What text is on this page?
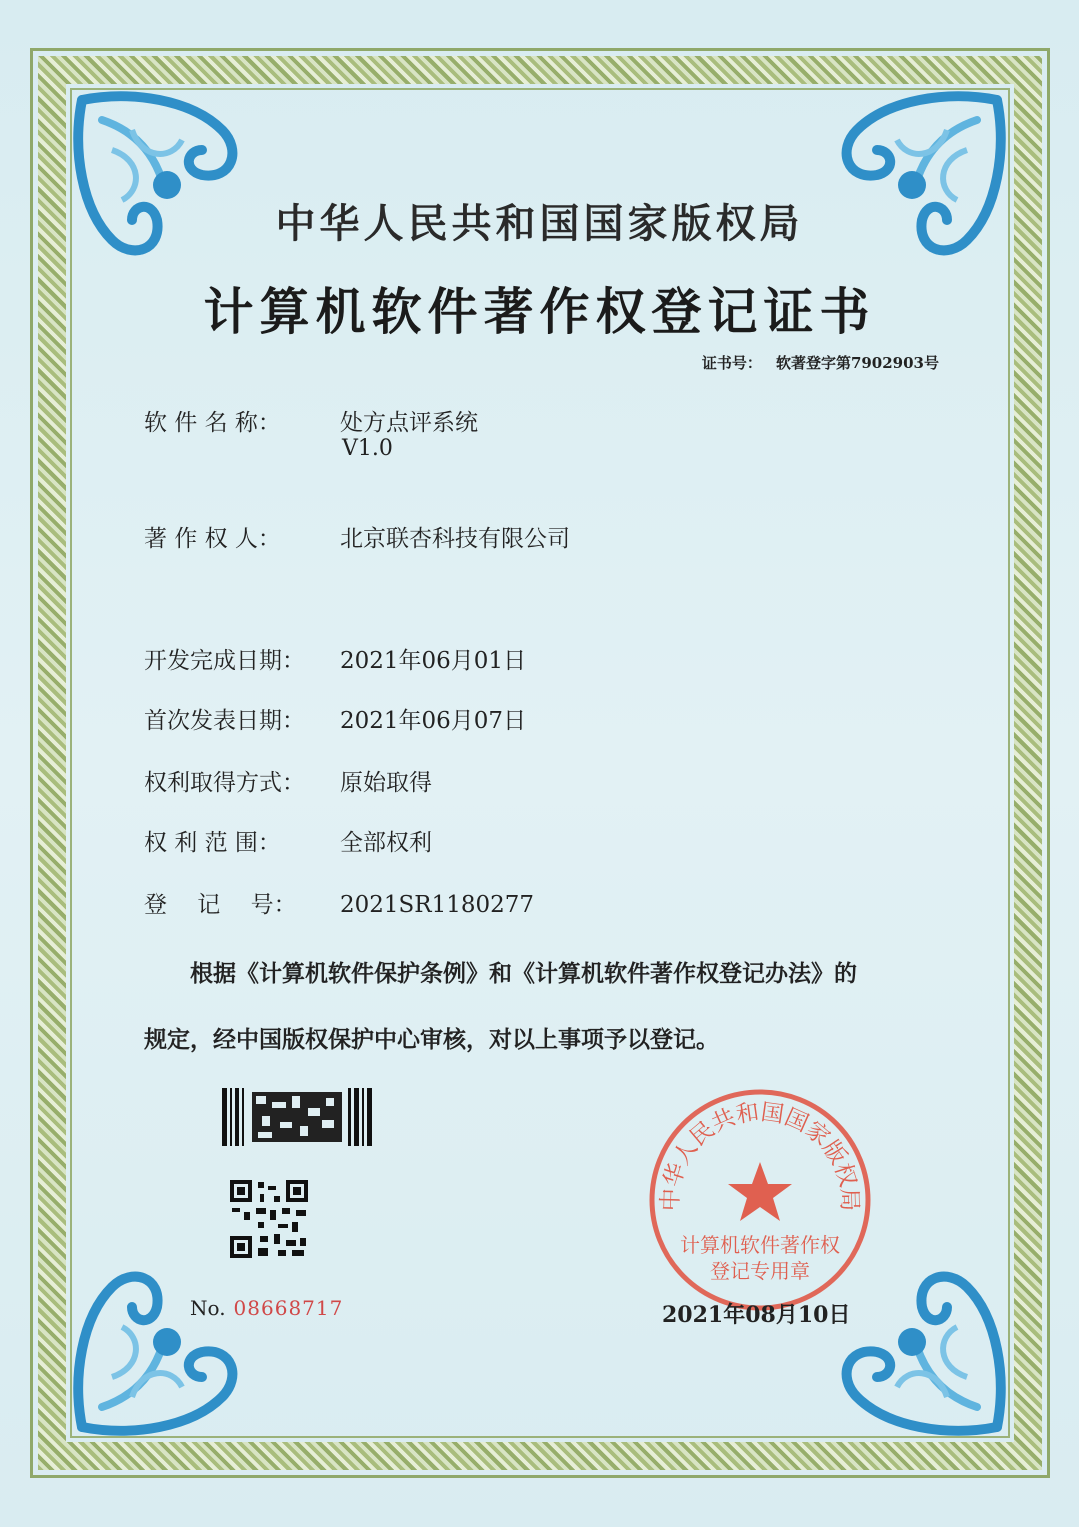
中华人民共和国国家版权局
计算机软件著作权登记证书
证书号： 软著登字第7902903号
软 件 名 称：	处方点评系统
V1.0
著 作 权 人：	北京联杏科技有限公司
开发完成日期： 2021年06月01日
首次发表日期： 2021年06月07日
权利取得方式： 原始取得
权 利 范 围：	全部权利
登　 记　 号： 2021SR1180277
根据《计算机软件保护条例》和《计算机软件著作权登记办法》的
规定，经中国版权保护中心审核，对以上事项予以登记。
No. 08668717
中华人民共和国国家版权局
计算机软件著作权
登记专用章
2021年08月10日
